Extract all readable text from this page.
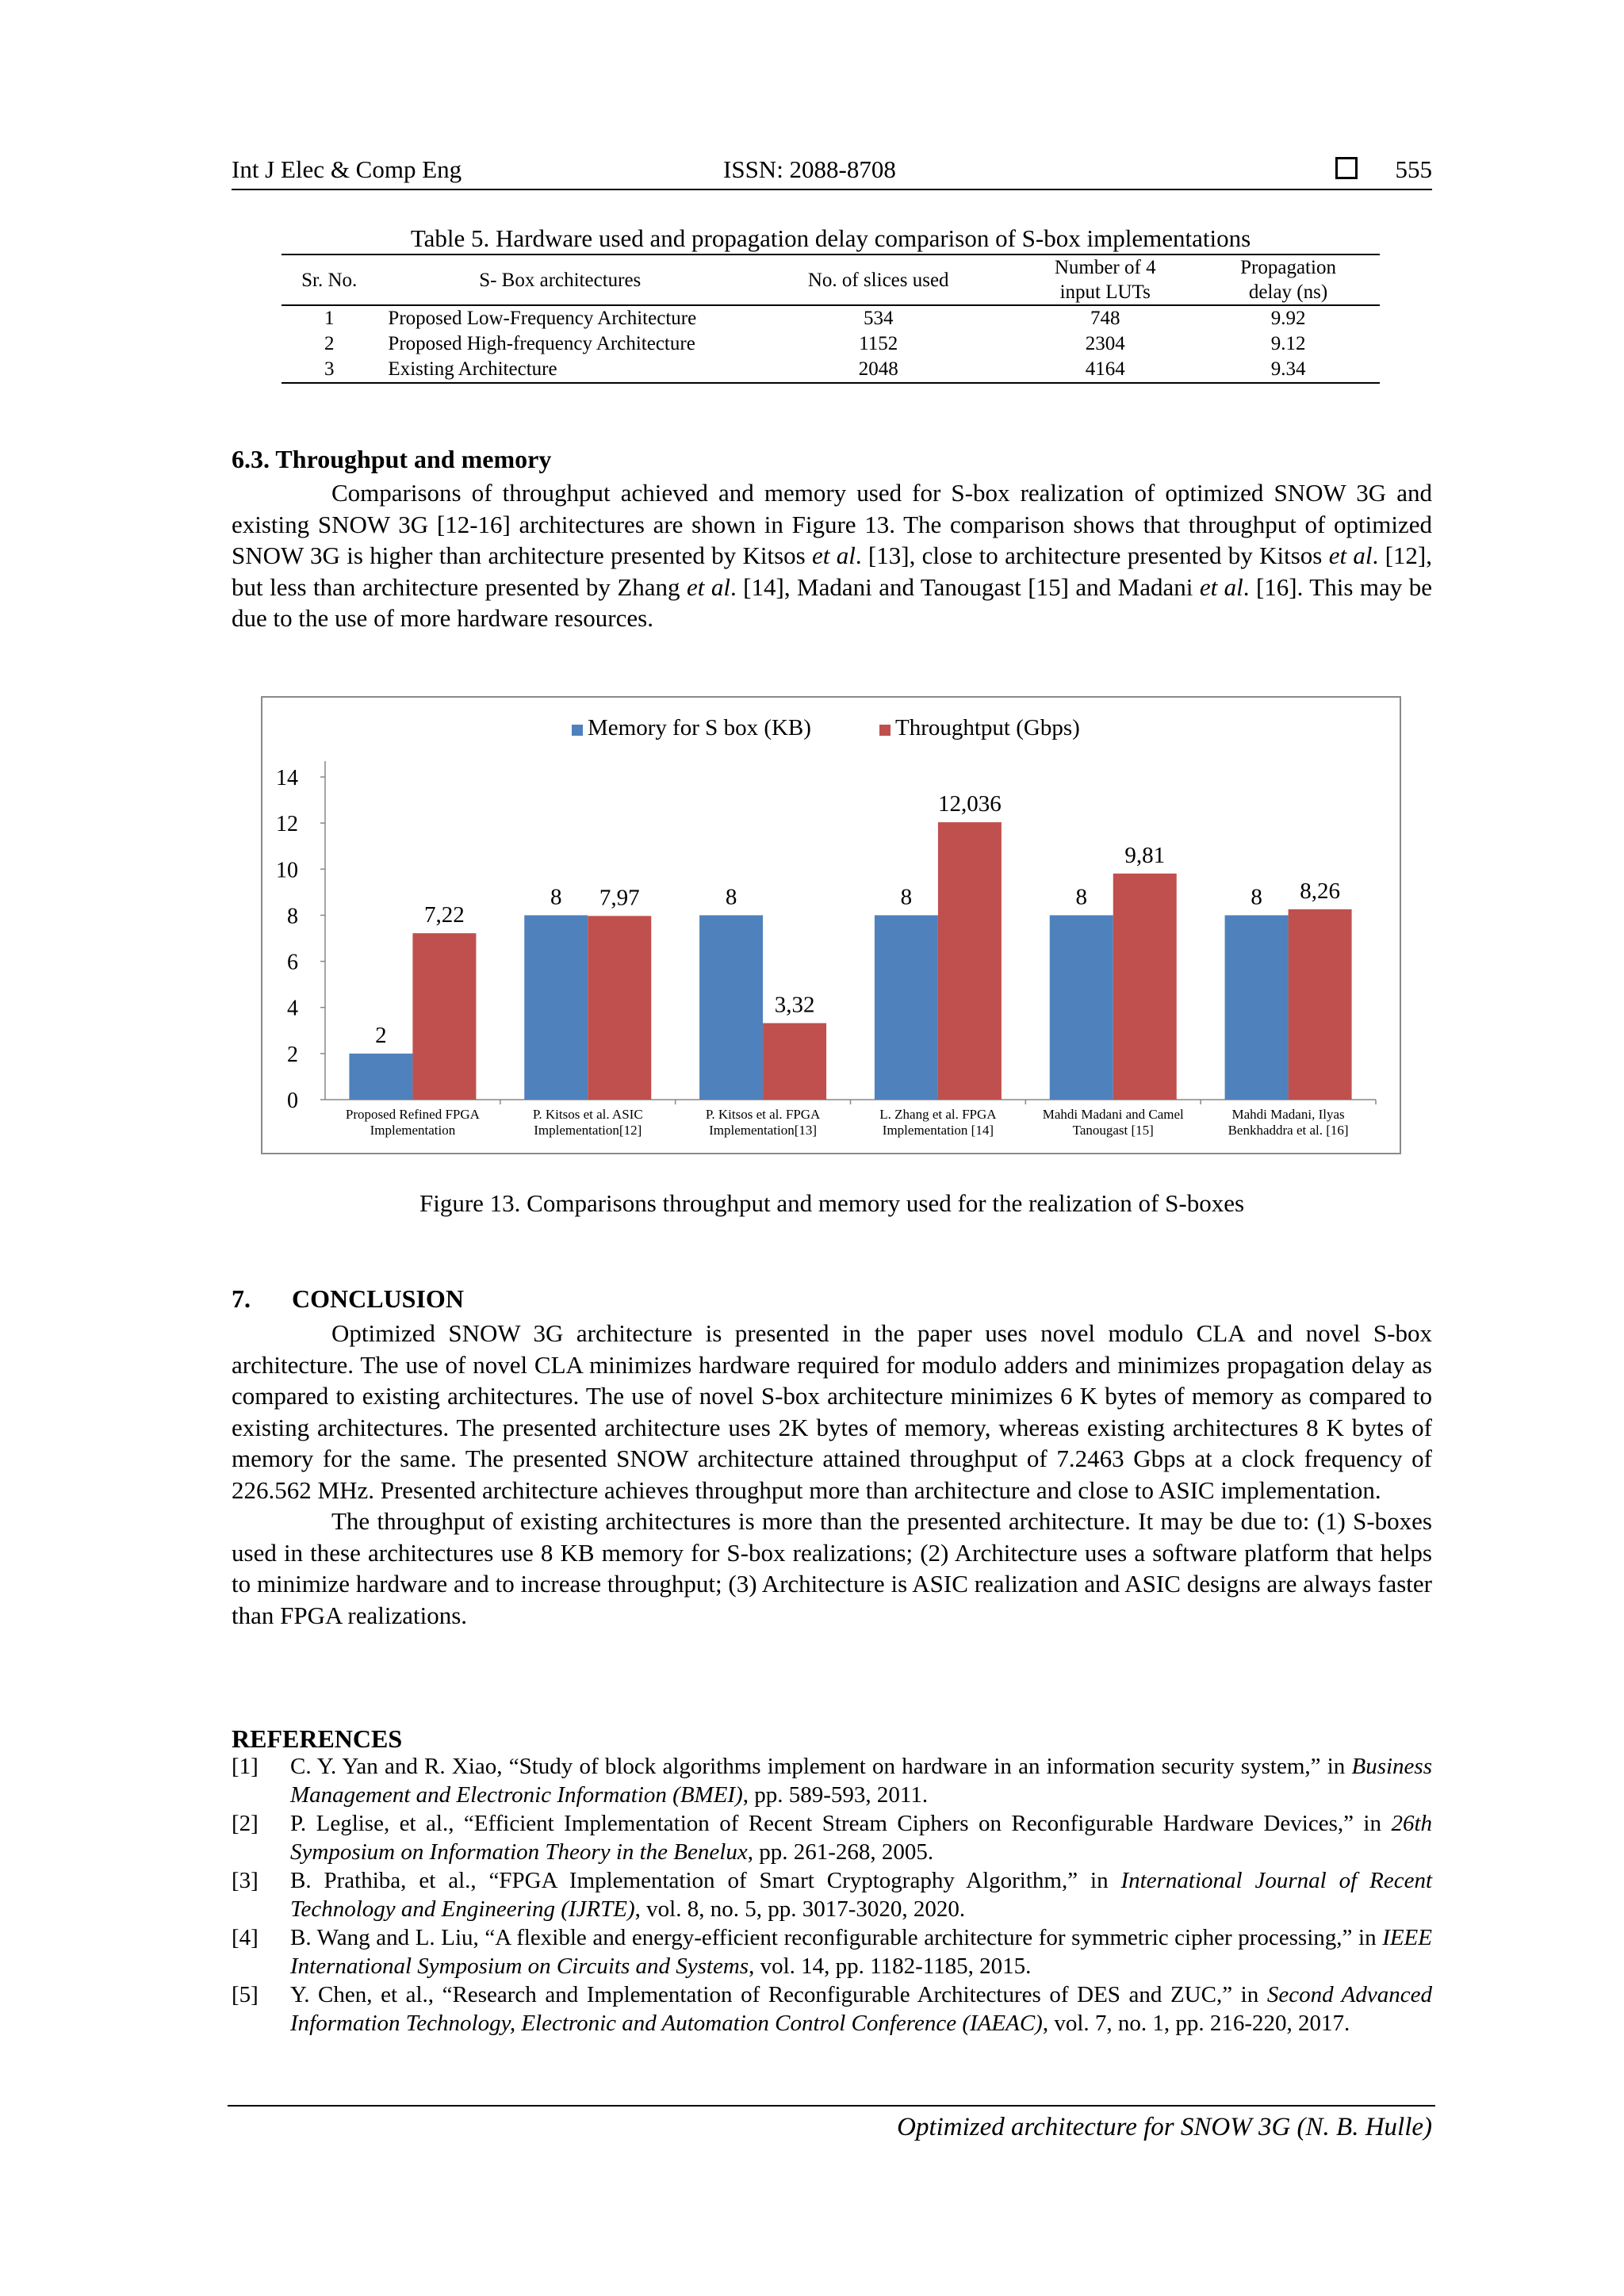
Int J Elec & Comp Eng	ISSN: 2088-8708	555
Table 5. Hardware used and propagation delay comparison of S-box implementations
Sr. No.	S- Box architectures	No. of slices used	Number of 4 input LUTs	Propagation delay (ns)
1	Proposed Low-Frequency Architecture	534	748	9.92
2	Proposed High-frequency Architecture	1152	2304	9.12
3	Existing Architecture	2048	4164	9.34
6.3. Throughput and memory

Comparisons of throughput achieved and memory used for S-box realization of optimized SNOW 3G and existing SNOW 3G [12-16] architectures are shown in Figure 13. The comparison shows that throughput of optimized SNOW 3G is higher than architecture presented by Kitsos et al. [13], close to architecture presented by Kitsos et al. [12], but less than architecture presented by Zhang et al. [14], Madani and Tanougast [15] and Madani et al. [16]. This may be due to the use of more hardware resources.

Memory for S box (KB)	Throughtput (Gbps)
0
2
4
6
8
10
12
14
2
7,22
Proposed Refined FPGA
Implementation
8 7,97
P. Kitsos et al. ASIC
Implementation[12]
8
3,32
P. Kitsos et al. FPGA
Implementation[13]
8
12,036
L. Zhang et al. FPGA
Implementation [14]
8
9,81
Mahdi Madani and Camel
Tanougast [15]
8 8,26
Mahdi Madani, Ilyas
Benkhaddra et al. [16]
Figure 13. Comparisons throughput and memory used for the realization of S-boxes
7. CONCLUSION

Optimized SNOW 3G architecture is presented in the paper uses novel modulo CLA and novel S-box architecture. The use of novel CLA minimizes hardware required for modulo adders and minimizes propagation delay as compared to existing architectures. The use of novel S-box architecture minimizes 6 K bytes of memory as compared to existing architectures. The presented architecture uses 2K bytes of memory, whereas existing architectures 8 K bytes of memory for the same. The presented SNOW architecture attained throughput of 7.2463 Gbps at a clock frequency of 226.562 MHz. Presented architecture achieves throughput more than architecture and close to ASIC implementation.

The throughput of existing architectures is more than the presented architecture. It may be due to: (1) S-boxes used in these architectures use 8 KB memory for S-box realizations; (2) Architecture uses a software platform that helps to minimize hardware and to increase throughput; (3) Architecture is ASIC realization and ASIC designs are always faster than FPGA realizations.

REFERENCES
[1]	C. Y. Yan and R. Xiao, “Study of block algorithms implement on hardware in an information security system,” in Business Management and Electronic Information (BMEI), pp. 589-593, 2011.
[2]	P. Leglise, et al., “Efficient Implementation of Recent Stream Ciphers on Reconfigurable Hardware Devices,” in 26th Symposium on Information Theory in the Benelux, pp. 261-268, 2005.
[3]	B. Prathiba, et al., “FPGA Implementation of Smart Cryptography Algorithm,” in International Journal of Recent Technology and Engineering (IJRTE), vol. 8, no. 5, pp. 3017-3020, 2020.
[4]	B. Wang and L. Liu, “A flexible and energy-efficient reconfigurable architecture for symmetric cipher processing,” in IEEE International Symposium on Circuits and Systems, vol. 14, pp. 1182-1185, 2015.
[5]	Y. Chen, et al., “Research and Implementation of Reconfigurable Architectures of DES and ZUC,” in Second Advanced Information Technology, Electronic and Automation Control Conference (IAEAC), vol. 7, no. 1, pp. 216-220, 2017.
Optimized architecture for SNOW 3G (N. B. Hulle)
